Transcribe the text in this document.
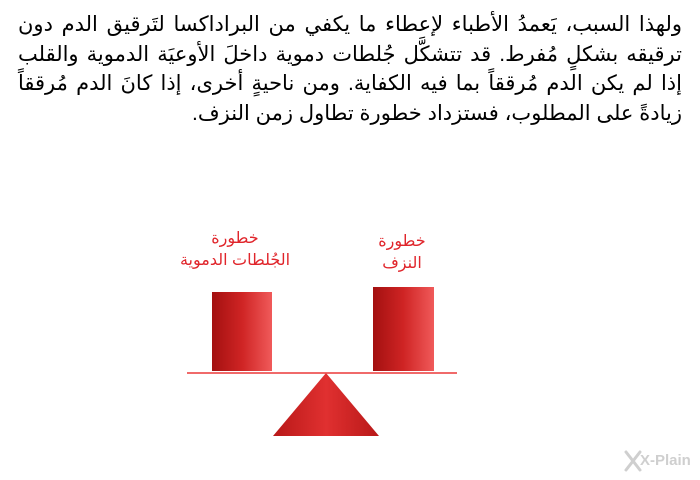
ولهذا السبب، يَعمدُ الأطباء لإعطاء ما يكفي من البراداكسا لتَرقيق الدم دون ترقيقه بشكلٍ مُفرط. قد تتشكَّل جُلطات دموية داخلَ الأوعيَة الدموية والقلب إذا لم يكن الدم مُرققاً بما فيه الكفاية. ومن ناحيةٍ أخرى، إذا كانَ الدم مُرققاً زيادةً على المطلوب، فستزداد خطورة تطاول زمن النزف.

خطورة
الجُلطات الدموية
خطورة
النزف
X-Plain
